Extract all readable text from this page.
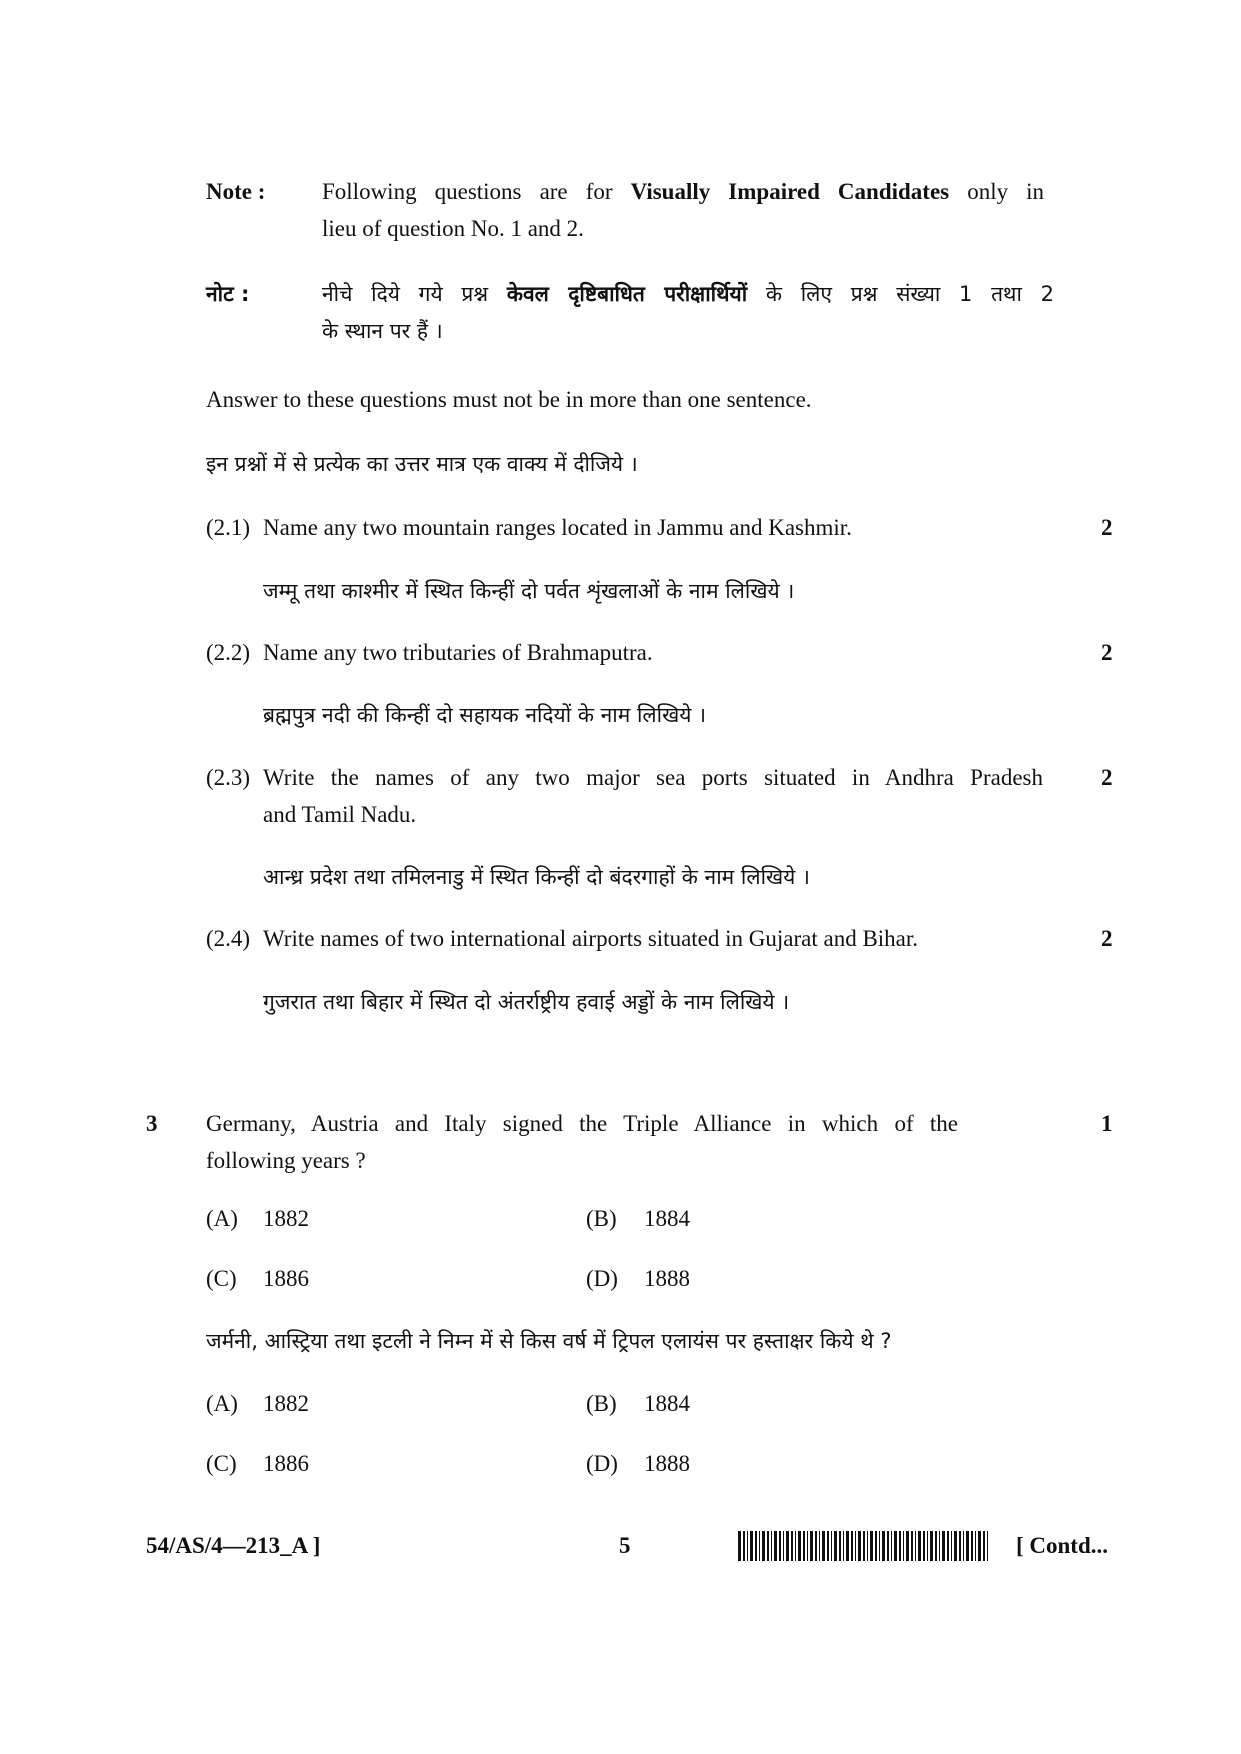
Note : Following questions are for Visually Impaired Candidates only in
lieu of question No. 1 and 2.
नोट :	नीचे दिये गये प्रश्न केवल दृष्टिबाधित परीक्षार्थियों के लिए प्रश्न संख्या 1 तथा 2
के स्थान पर हैं ।
Answer to these questions must not be in more than one sentence.
इन प्रश्नों में से प्रत्येक का उत्तर मात्र एक वाक्य में दीजिये ।
(2.1) Name any two mountain ranges located in Jammu and Kashmir.	2
जम्मू तथा काश्मीर में स्थित किन्हीं दो पर्वत शृंखलाओं के नाम लिखिये ।
(2.2) Name any two tributaries of Brahmaputra.	2
ब्रह्मपुत्र नदी की किन्हीं दो सहायक नदियों के नाम लिखिये ।
(2.3) Write the names of any two major sea ports situated in Andhra Pradesh
and Tamil Nadu.
2
आन्ध्र प्रदेश तथा तमिलनाडु में स्थित किन्हीं दो बंदरगाहों के नाम लिखिये ।
(2.4) Write names of two international airports situated in Gujarat and Bihar.	2
गुजरात तथा बिहार में स्थित दो अंतर्राष्ट्रीय हवाई अड्डों के नाम लिखिये ।
3 Germany, Austria and Italy signed the Triple Alliance in which of the
following years ?
1
(A) 1882	(B) 1884
(C) 1886	(D) 1888
जर्मनी, आस्ट्रिया तथा इटली ने निम्न में से किस वर्ष में ट्रिपल एलायंस पर हस्ताक्षर किये थे ?
(A) 1882	(B) 1884
(C) 1886	(D) 1888
54/AS/4—213_A ]	5	[ Contd...
